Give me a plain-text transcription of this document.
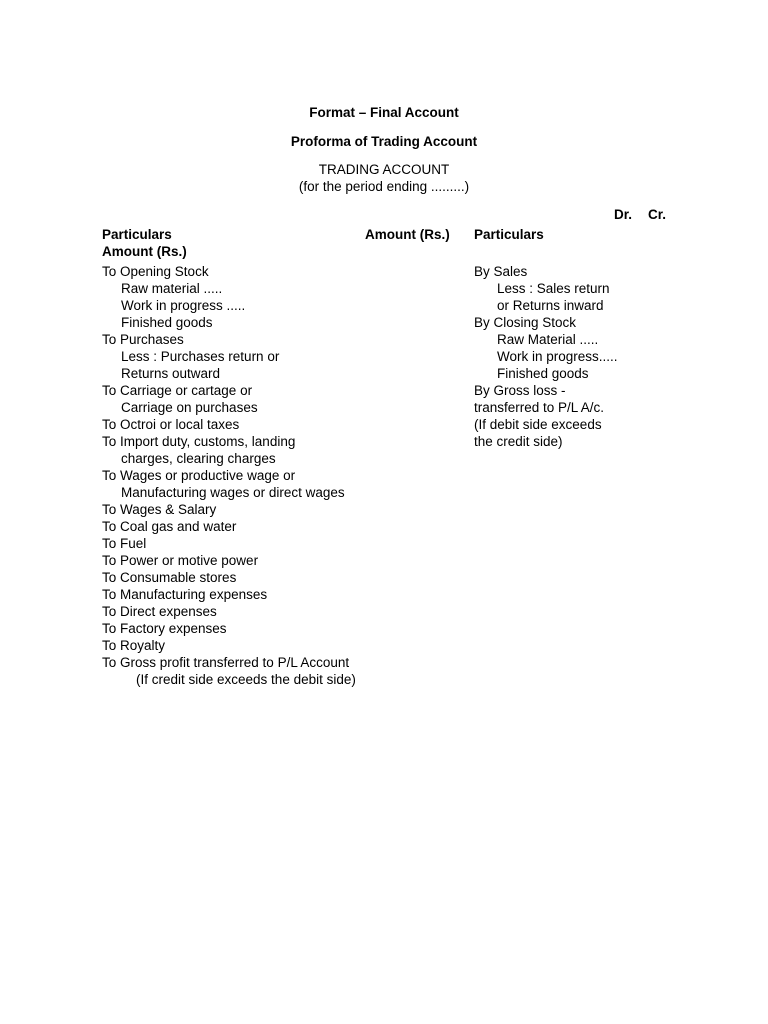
Format – Final Account
Proforma of Trading Account
TRADING ACCOUNT
(for the period ending .........)
Dr. Cr.
Particulars
Amount (Rs.)
Amount (Rs.) Particulars
To Opening Stock
Raw material .....
Work in progress .....
Finished goods
To Purchases
Less : Purchases return or
Returns outward
To Carriage or cartage or
Carriage on purchases
To Octroi or local taxes
To Import duty, customs, landing
charges, clearing charges
To Wages or productive wage or
Manufacturing wages or direct wages
To Wages & Salary
To Coal gas and water
To Fuel
To Power or motive power
To Consumable stores
To Manufacturing expenses
To Direct expenses
To Factory expenses
To Royalty
To Gross profit transferred to P/L Account
(If credit side exceeds the debit side)
By Sales
Less : Sales return
or Returns inward
By Closing Stock
Raw Material .....
Work in progress.....
Finished goods
By Gross loss -
transferred to P/L A/c.
(If debit side exceeds
the credit side)
